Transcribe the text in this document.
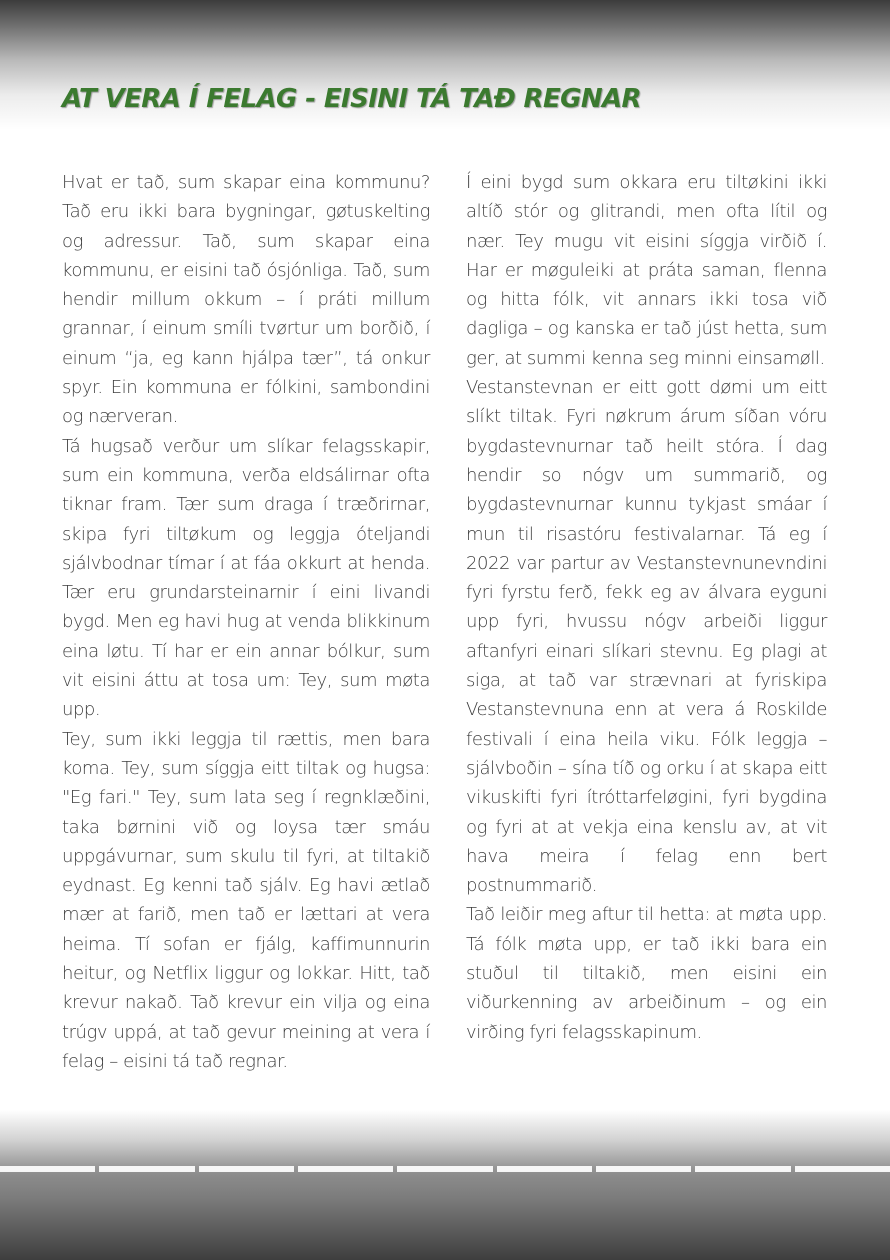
AT VERA Í FELAG - EISINI TÁ TAÐ REGNAR

Hvat er tað, sum skapar eina kommunu? Tað eru ikki bara bygningar, gøtuskelting og adressur. Tað, sum skapar eina kommunu, er eisini tað ósjónliga. Tað, sum hendir millum okkum – í práti millum grannar, í einum smíli tvørtur um borðið, í einum “ja, eg kann hjálpa tær”, tá onkur spyr. Ein kommuna er fólkini, sambondini og nærveran.

Tá hugsað verður um slíkar felagsskapir, sum ein kommuna, verða eldsálirnar ofta tiknar fram. Tær sum draga í træðrirnar, skipa fyri tiltøkum og leggja óteljandi sjálvbodnar tímar í at fáa okkurt at henda. Tær eru grundarsteinarnir í eini livandi bygd. Men eg havi hug at venda blikkinum eina løtu. Tí har er ein annar bólkur, sum vit eisini áttu at tosa um: Tey, sum møta upp.

Tey, sum ikki leggja til rættis, men bara koma. Tey, sum síggja eitt tiltak og hugsa: "Eg fari." Tey, sum lata seg í regnklæðini, taka børnini við og loysa tær smáu uppgávurnar, sum skulu til fyri, at tiltakið eydnast. Eg kenni tað sjálv. Eg havi ætlað mær at farið, men tað er lættari at vera heima. Tí sofan er fjálg, kaffimunnurin heitur, og Netflix liggur og lokkar. Hitt, tað krevur nakað. Tað krevur ein vilja og eina trúgv uppá, at tað gevur meining at vera í felag – eisini tá tað regnar.

Í eini bygd sum okkara eru tiltøkini ikki altíð stór og glitrandi, men ofta lítil og nær. Tey mugu vit eisini síggja virðið í. Har er møguleiki at práta saman, flenna og hitta fólk, vit annars ikki tosa við dagliga – og kanska er tað júst hetta, sum ger, at summi kenna seg minni einsamøll.

Vestanstevnan er eitt gott dømi um eitt slíkt tiltak. Fyri nøkrum árum síðan vóru bygdastevnurnar tað heilt stóra. Í dag hendir so nógv um summarið, og bygdastevnurnar kunnu tykjast smáar í mun til risastóru festivalarnar. Tá eg í 2022 var partur av Vestanstevnunevndini fyri fyrstu ferð, fekk eg av álvara eyguni upp fyri, hvussu nógv arbeiði liggur aftanfyri einari slíkari stevnu. Eg plagi at siga, at tað var strævnari at fyriskipa Vestanstevnuna enn at vera á Roskilde festivali í eina heila viku. Fólk leggja – sjálvboðin – sína tíð og orku í at skapa eitt vikuskifti fyri ítróttarfeløgini, fyri bygdina og fyri at at vekja eina kenslu av, at vit hava meira í felag enn bert postnummarið.

Tað leiðir meg aftur til hetta: at møta upp. Tá fólk møta upp, er tað ikki bara ein stuðul til tiltakið, men eisini ein viðurkenning av arbeiðinum – og ein virðing fyri felagsskapinum.
